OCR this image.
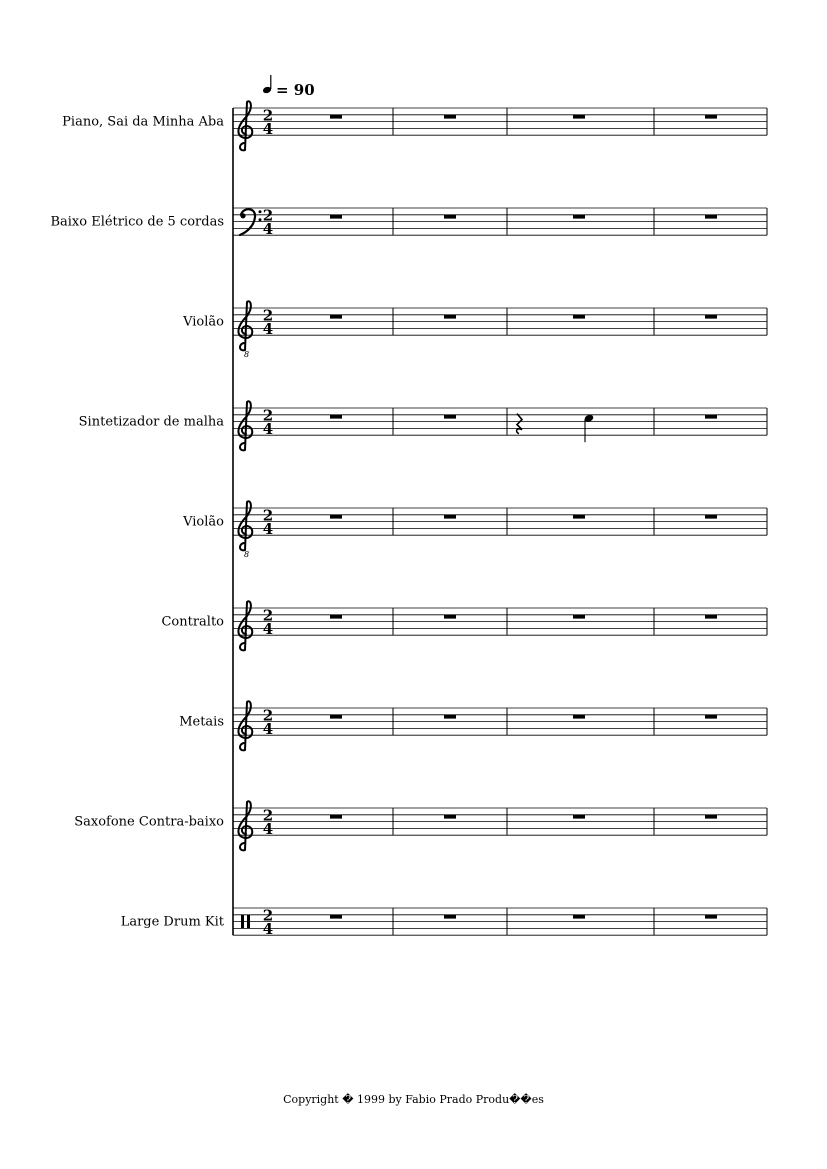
= 90
Piano, Sai da Minha Aba	2
4
Baixo Elétrico de 5 cordas	2
4
Violão
8
2
4
Sintetizador de malha	2
4
Violão
8
2
4
Contralto	2
4
Metais	2
4
Saxofone Contra-baixo	2
4
Large Drum Kit	2
4
Copyright � 1999 by Fabio Prado Produ��es
